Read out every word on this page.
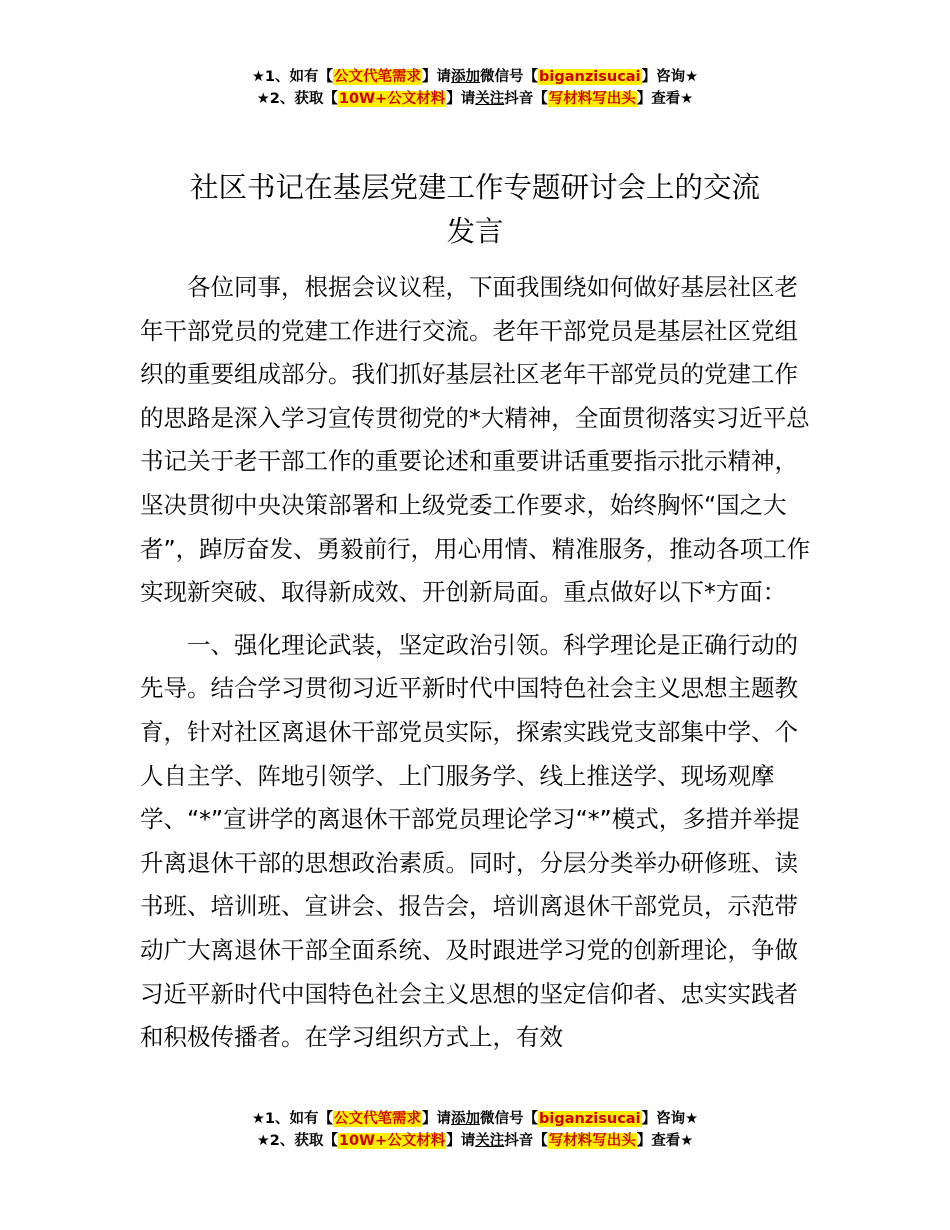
★1、如有【公文代笔需求】请添加微信号【biganzisucai】咨询★
★2、获取【10W+公文材料】请关注抖音【写材料写出头】查看★
社区书记在基层党建工作专题研讨会上的交流
发言

各位同事，根据会议议程，下面我围绕如何做好基层社区老年干部党员的党建工作进行交流。老年干部党员是基层社区党组织的重要组成部分。我们抓好基层社区老年干部党员的党建工作的思路是深入学习宣传贯彻党的*大精神，全面贯彻落实习近平总书记关于老干部工作的重要论述和重要讲话重要指示批示精神，坚决贯彻中央决策部署和上级党委工作要求，始终胸怀“国之大者”，踔厉奋发、勇毅前行，用心用情、精准服务，推动各项工作实现新突破、取得新成效、开创新局面。重点做好以下*方面：

一、强化理论武装，坚定政治引领。科学理论是正确行动的先导。结合学习贯彻习近平新时代中国特色社会主义思想主题教育，针对社区离退休干部党员实际，探索实践党支部集中学、个人自主学、阵地引领学、上门服务学、线上推送学、现场观摩学、“*”宣讲学的离退休干部党员理论学习“*”模式，多措并举提升离退休干部的思想政治素质。同时，分层分类举办研修班、读书班、培训班、宣讲会、报告会，培训离退休干部党员，示范带动广大离退休干部全面系统、及时跟进学习党的创新理论，争做习近平新时代中国特色社会主义思想的坚定信仰者、忠实实践者和积极传播者。在学习组织方式上，有效

★1、如有【公文代笔需求】请添加微信号【biganzisucai】咨询★
★2、获取【10W+公文材料】请关注抖音【写材料写出头】查看★
